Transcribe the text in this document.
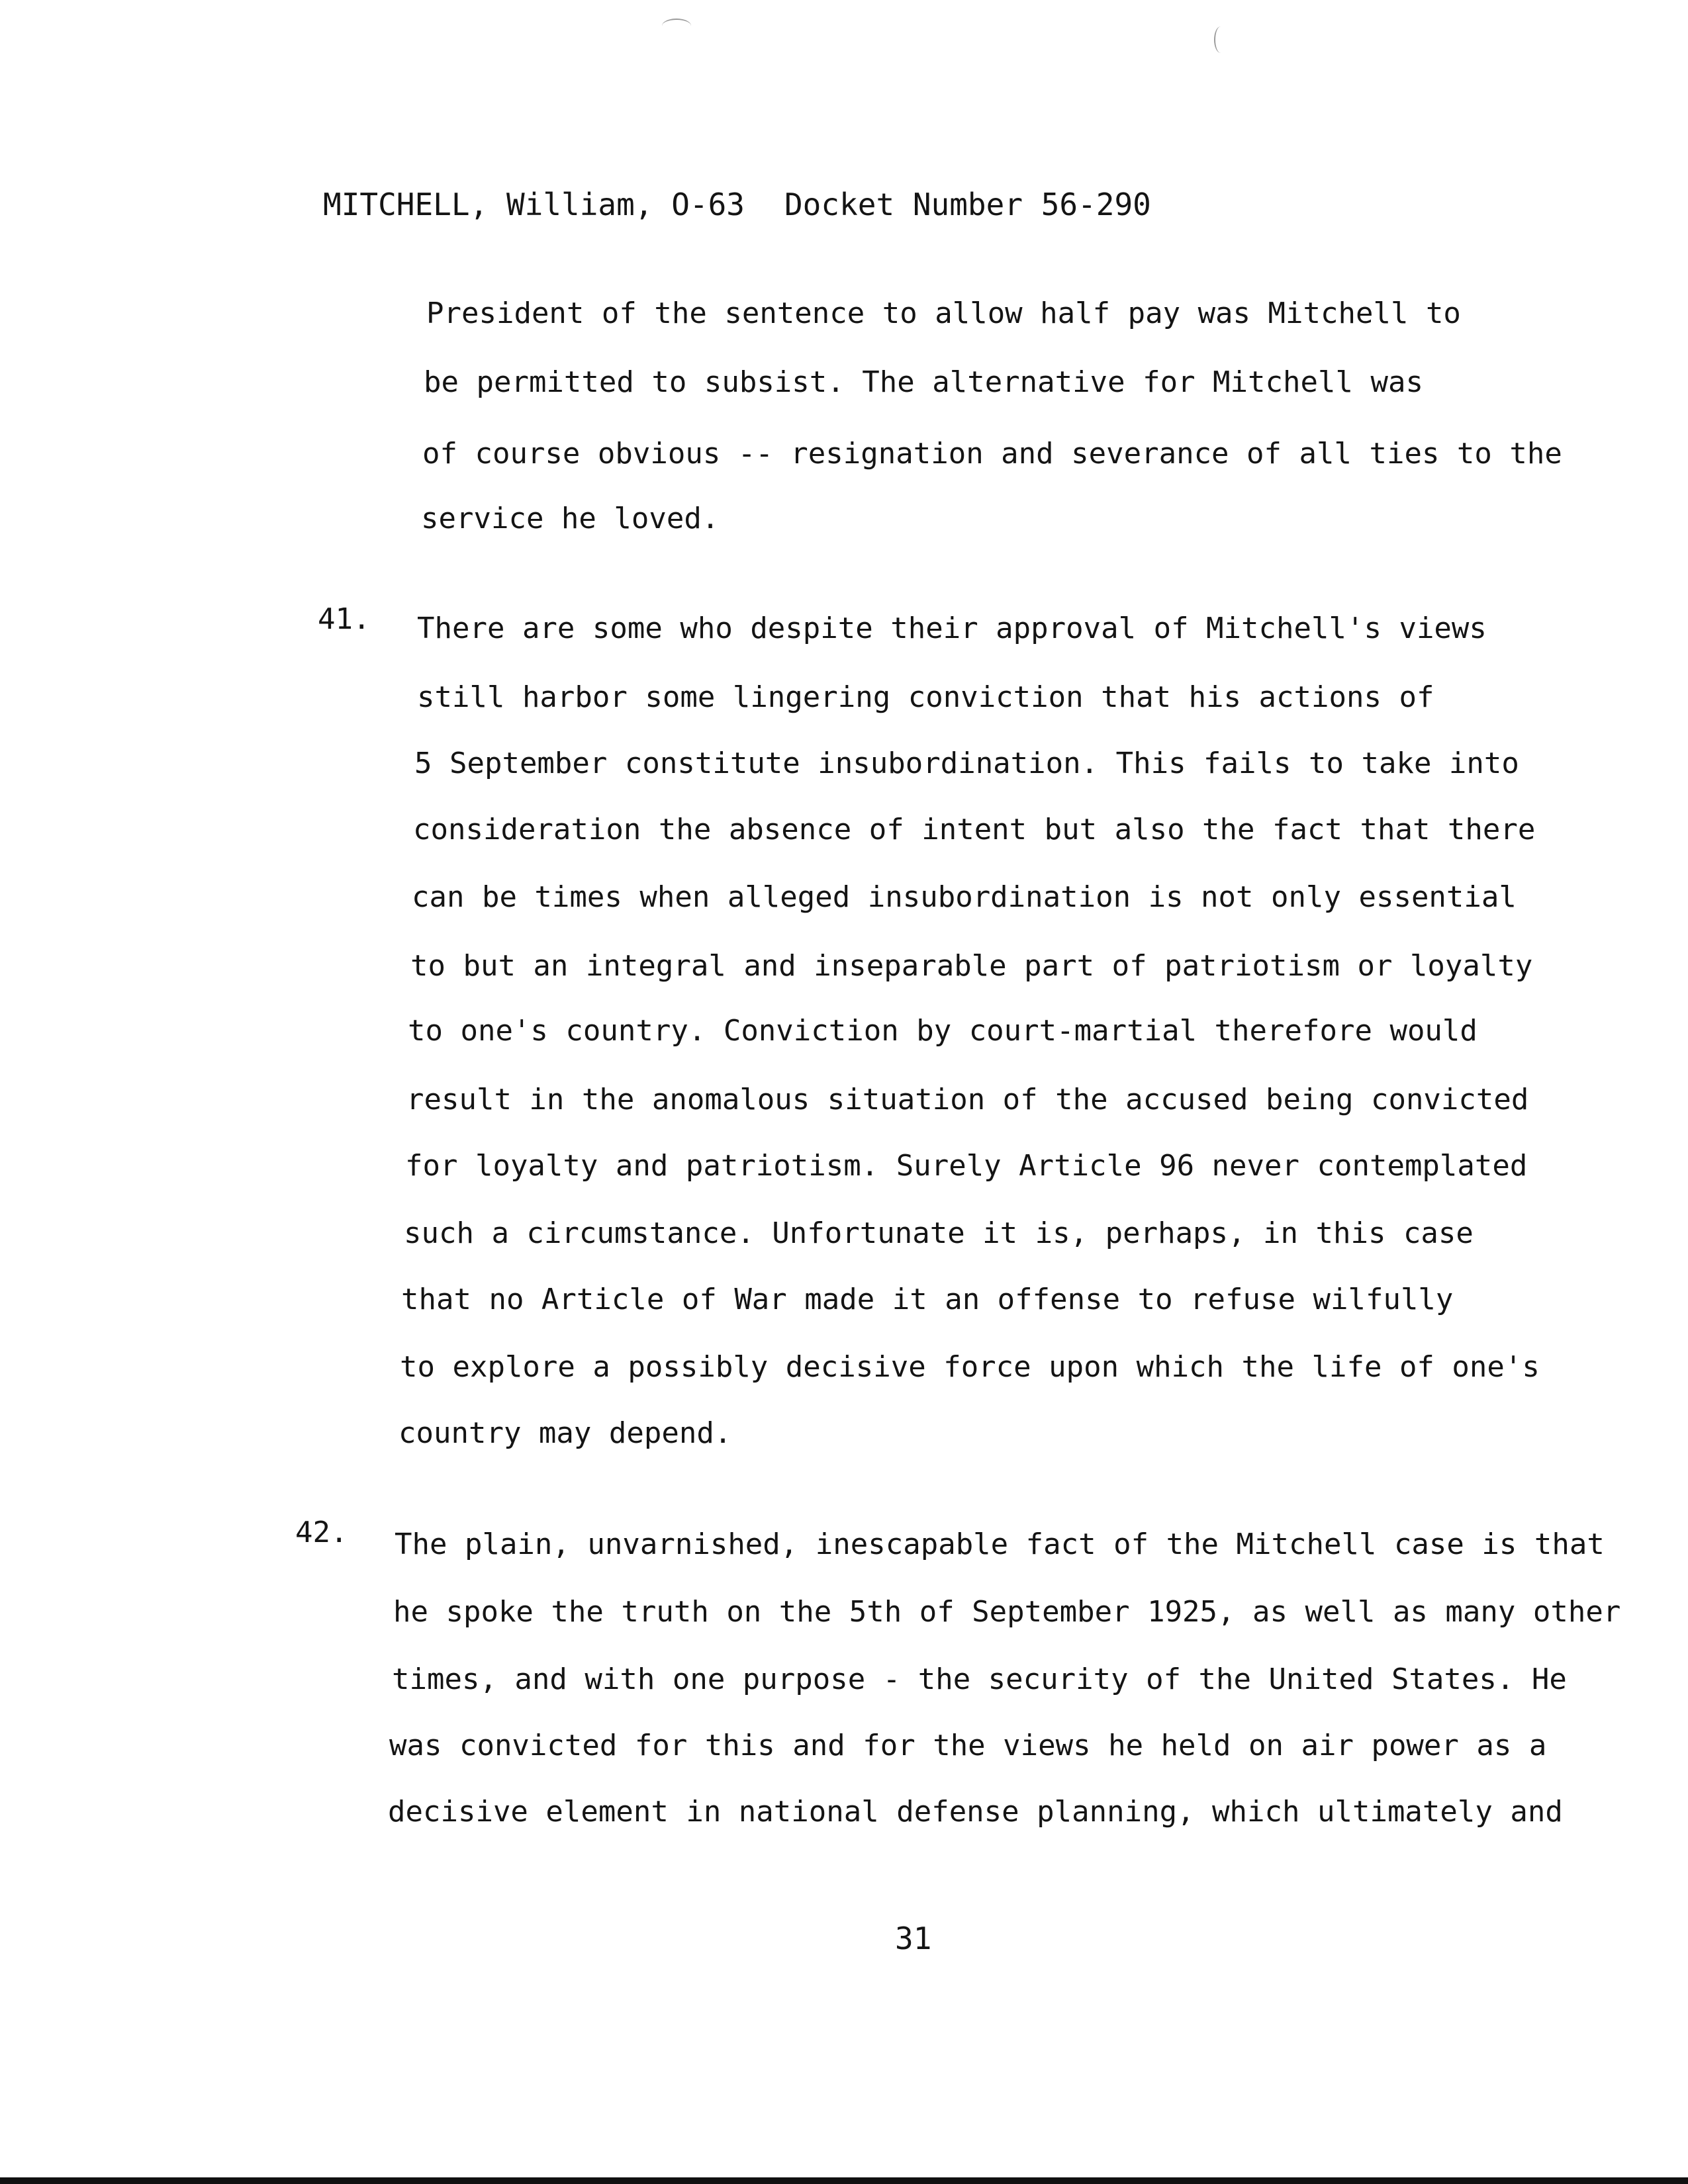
MITCHELL, William, O-63 Docket Number 56-290
President of the sentence to allow half pay was Mitchell to
be permitted to subsist. The alternative for Mitchell was
of course obvious -- resignation and severance of all ties to the
service he loved.
41. There are some who despite their approval of Mitchell's views
still harbor some lingering conviction that his actions of
5 September constitute insubordination. This fails to take into
consideration the absence of intent but also the fact that there
can be times when alleged insubordination is not only essential
to but an integral and inseparable part of patriotism or loyalty
to one's country. Conviction by court-martial therefore would
result in the anomalous situation of the accused being convicted
for loyalty and patriotism. Surely Article 96 never contemplated
such a circumstance. Unfortunate it is, perhaps, in this case
that no Article of War made it an offense to refuse wilfully
to explore a possibly decisive force upon which the life of one's
country may depend.
42. The plain, unvarnished, inescapable fact of the Mitchell case is that
he spoke the truth on the 5th of September 1925, as well as many other
times, and with one purpose - the security of the United States. He
was convicted for this and for the views he held on air power as a
decisive element in national defense planning, which ultimately and
31
